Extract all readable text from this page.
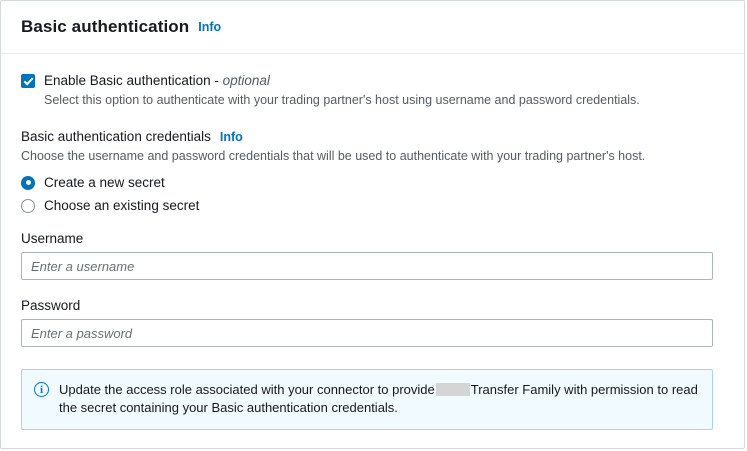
Basic authentication Info
Enable Basic authentication - optional
Select this option to authenticate with your trading partner's host using username and password credentials.
Basic authentication credentials Info
Choose the username and password credentials that will be used to authenticate with your trading partner's host.
Create a new secret
Choose an existing secret
Username
Enter a username
Password
Enter a password
i	Update the access role associated with your connector to provide	Transfer Family with permission to read the secret containing your Basic authentication credentials.
